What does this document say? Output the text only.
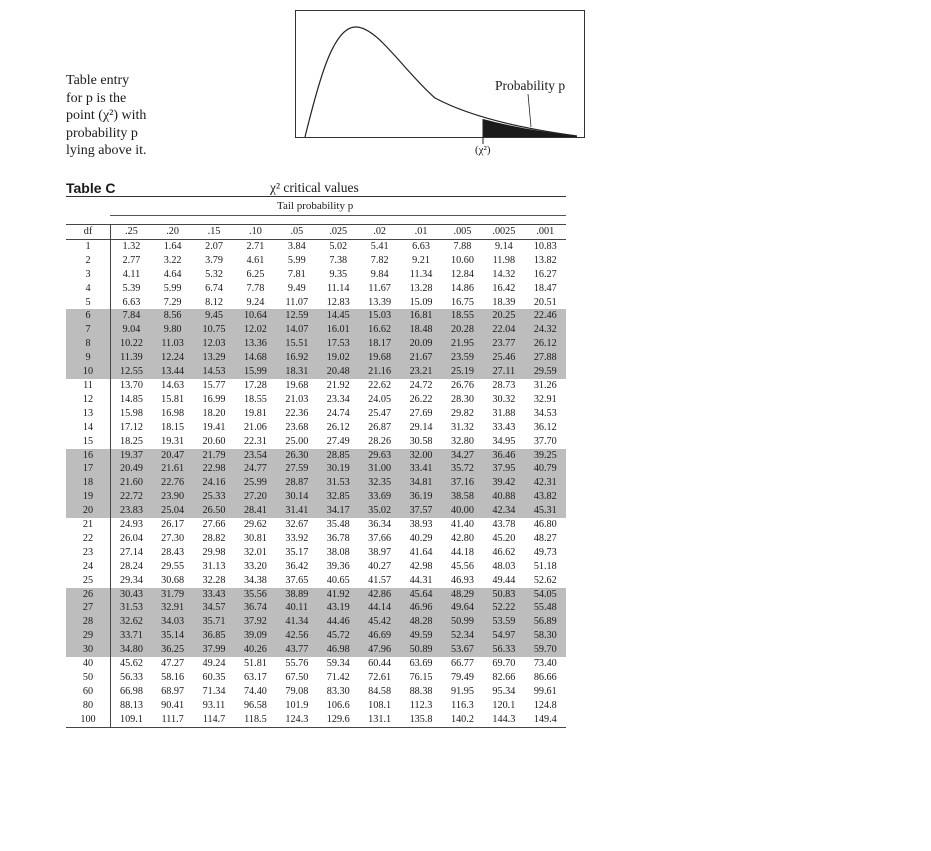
Table entry
for p is the
point (χ²) with
probability p
lying above it.
Probability p
(χ²)
Table C	χ² critical values
Tail probability p
df	.25	.20	.15	.10	.05	.025	.02	.01	.005	.0025	.001
1	1.32	1.64	2.07	2.71	3.84	5.02	5.41	6.63	7.88	9.14	10.83
2	2.77	3.22	3.79	4.61	5.99	7.38	7.82	9.21	10.60	11.98	13.82
3	4.11	4.64	5.32	6.25	7.81	9.35	9.84	11.34	12.84	14.32	16.27
4	5.39	5.99	6.74	7.78	9.49	11.14	11.67	13.28	14.86	16.42	18.47
5	6.63	7.29	8.12	9.24	11.07	12.83	13.39	15.09	16.75	18.39	20.51
6	7.84	8.56	9.45	10.64	12.59	14.45	15.03	16.81	18.55	20.25	22.46
7	9.04	9.80	10.75	12.02	14.07	16.01	16.62	18.48	20.28	22.04	24.32
8	10.22	11.03	12.03	13.36	15.51	17.53	18.17	20.09	21.95	23.77	26.12
9	11.39	12.24	13.29	14.68	16.92	19.02	19.68	21.67	23.59	25.46	27.88
10	12.55	13.44	14.53	15.99	18.31	20.48	21.16	23.21	25.19	27.11	29.59
11	13.70	14.63	15.77	17.28	19.68	21.92	22.62	24.72	26.76	28.73	31.26
12	14.85	15.81	16.99	18.55	21.03	23.34	24.05	26.22	28.30	30.32	32.91
13	15.98	16.98	18.20	19.81	22.36	24.74	25.47	27.69	29.82	31.88	34.53
14	17.12	18.15	19.41	21.06	23.68	26.12	26.87	29.14	31.32	33.43	36.12
15	18.25	19.31	20.60	22.31	25.00	27.49	28.26	30.58	32.80	34.95	37.70
16	19.37	20.47	21.79	23.54	26.30	28.85	29.63	32.00	34.27	36.46	39.25
17	20.49	21.61	22.98	24.77	27.59	30.19	31.00	33.41	35.72	37.95	40.79
18	21.60	22.76	24.16	25.99	28.87	31.53	32.35	34.81	37.16	39.42	42.31
19	22.72	23.90	25.33	27.20	30.14	32.85	33.69	36.19	38.58	40.88	43.82
20	23.83	25.04	26.50	28.41	31.41	34.17	35.02	37.57	40.00	42.34	45.31
21	24.93	26.17	27.66	29.62	32.67	35.48	36.34	38.93	41.40	43.78	46.80
22	26.04	27.30	28.82	30.81	33.92	36.78	37.66	40.29	42.80	45.20	48.27
23	27.14	28.43	29.98	32.01	35.17	38.08	38.97	41.64	44.18	46.62	49.73
24	28.24	29.55	31.13	33.20	36.42	39.36	40.27	42.98	45.56	48.03	51.18
25	29.34	30.68	32.28	34.38	37.65	40.65	41.57	44.31	46.93	49.44	52.62
26	30.43	31.79	33.43	35.56	38.89	41.92	42.86	45.64	48.29	50.83	54.05
27	31.53	32.91	34.57	36.74	40.11	43.19	44.14	46.96	49.64	52.22	55.48
28	32.62	34.03	35.71	37.92	41.34	44.46	45.42	48.28	50.99	53.59	56.89
29	33.71	35.14	36.85	39.09	42.56	45.72	46.69	49.59	52.34	54.97	58.30
30	34.80	36.25	37.99	40.26	43.77	46.98	47.96	50.89	53.67	56.33	59.70
40	45.62	47.27	49.24	51.81	55.76	59.34	60.44	63.69	66.77	69.70	73.40
50	56.33	58.16	60.35	63.17	67.50	71.42	72.61	76.15	79.49	82.66	86.66
60	66.98	68.97	71.34	74.40	79.08	83.30	84.58	88.38	91.95	95.34	99.61
80	88.13	90.41	93.11	96.58	101.9	106.6	108.1	112.3	116.3	120.1	124.8
100	109.1	111.7	114.7	118.5	124.3	129.6	131.1	135.8	140.2	144.3	149.4
